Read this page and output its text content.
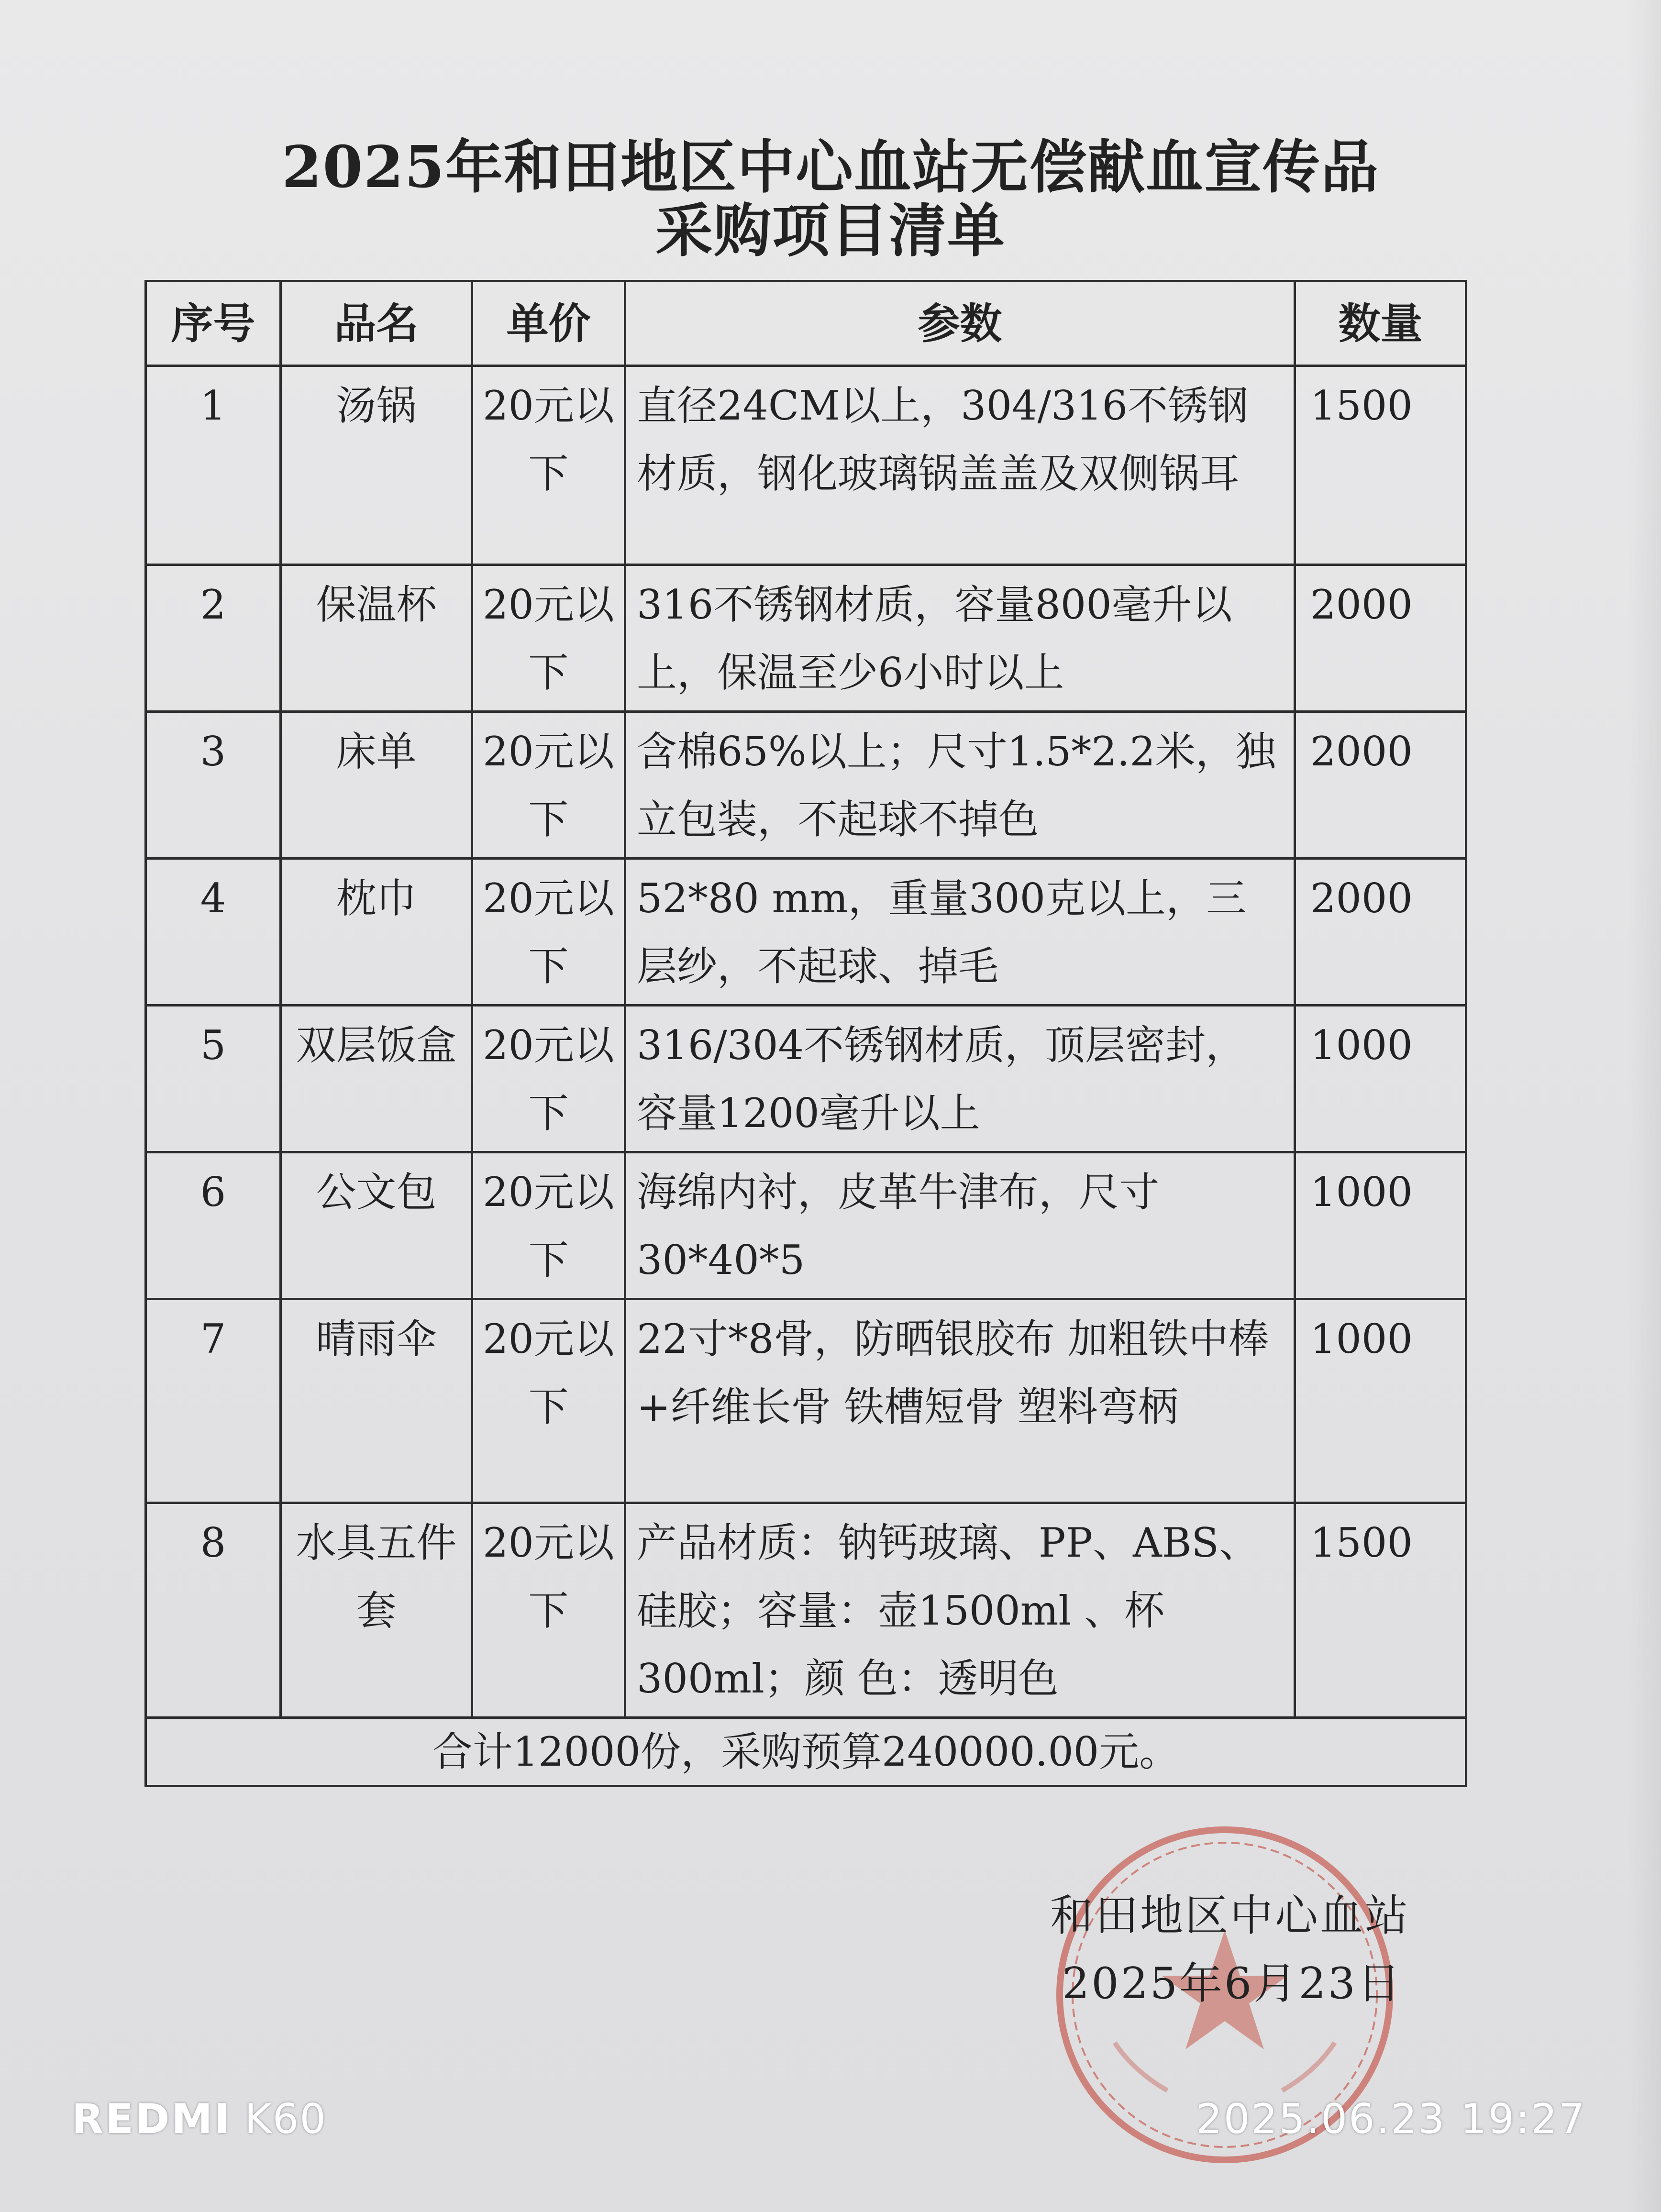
2025年和田地区中心血站无偿献血宣传品
采购项目清单
序号	品名	单价	参数	数量
1	汤锅	20元以下	直径24CM以上，304/316不锈钢材质，钢化玻璃锅盖盖及双侧锅耳	1500
2	保温杯	20元以下	316不锈钢材质，容量800毫升以上，保温至少6小时以上	2000
3	床单	20元以下	含棉65%以上；尺寸1.5*2.2米，独立包装，不起球不掉色	2000
4	枕巾	20元以下	52*80 mm，重量300克以上，三层纱，不起球、掉毛	2000
5	双层饭盒	20元以下	316/304不锈钢材质，顶层密封，容量1200毫升以上	1000
6	公文包	20元以下	海绵内衬，皮革牛津布，尺寸30*40*5	1000
7	晴雨伞	20元以下	22寸*8骨，防晒银胶布 加粗铁中棒+纤维长骨 铁槽短骨 塑料弯柄	1000
8	水具五件套	20元以下	产品材质：钠钙玻璃、PP、ABS、硅胶；容量：壶1500ml 、杯300ml；颜 色：透明色	1500
合计12000份，采购预算240000.00元。				
和田地区中心血站
2025年6月23日
REDMI K60	2025.06.23 19:27
